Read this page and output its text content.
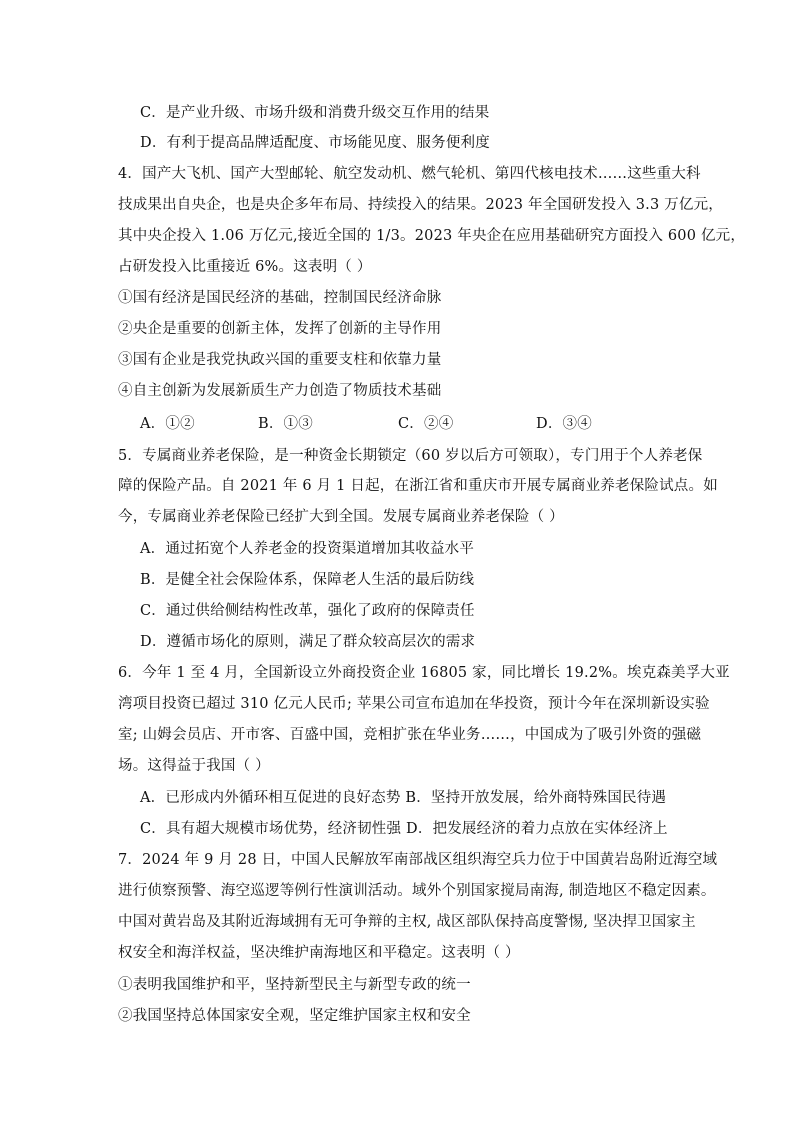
C．是产业升级、市场升级和消费升级交互作用的结果
D．有利于提高品牌适配度、市场能见度、服务便利度
4．国产大飞机、国产大型邮轮、航空发动机、燃气轮机、第四代核电技术……这些重大科
技成果出自央企，也是央企多年布局、持续投入的结果。2023 年全国研发投入 3.3 万亿元，
其中央企投入 1.06 万亿元,接近全国的 1/3。2023 年央企在应用基础研究方面投入 600 亿元，
占研发投入比重接近 6%。这表明（ ）
①国有经济是国民经济的基础，控制国民经济命脉
②央企是重要的创新主体，发挥了创新的主导作用
③国有企业是我党执政兴国的重要支柱和依靠力量
④自主创新为发展新质生产力创造了物质技术基础
A．①②	B．①③	C．②④	D．③④
5．专属商业养老保险，是一种资金长期锁定（60 岁以后方可领取），专门用于个人养老保
障的保险产品。自 2021 年 6 月 1 日起，在浙江省和重庆市开展专属商业养老保险试点。如
今，专属商业养老保险已经扩大到全国。发展专属商业养老保险（ ）
A．通过拓宽个人养老金的投资渠道增加其收益水平
B．是健全社会保险体系，保障老人生活的最后防线
C．通过供给侧结构性改革，强化了政府的保障责任
D．遵循市场化的原则，满足了群众较高层次的需求
6．今年 1 至 4 月，全国新设立外商投资企业 16805 家，同比增长 19.2%。埃克森美孚大亚
湾项目投资已超过 310 亿元人民币; 苹果公司宣布追加在华投资，预计今年在深圳新设实验
室; 山姆会员店、开市客、百盛中国，竞相扩张在华业务……，中国成为了吸引外资的强磁
场。这得益于我国（ ）
A．已形成内外循环相互促进的良好态势 B．坚持开放发展，给外商特殊国民待遇
C．具有超大规模市场优势，经济韧性强 D．把发展经济的着力点放在实体经济上
7．2024 年 9 月 28 日，中国人民解放军南部战区组织海空兵力位于中国黄岩岛附近海空域
进行侦察预警、海空巡逻等例行性演训活动。域外个别国家搅局南海, 制造地区不稳定因素。
中国对黄岩岛及其附近海域拥有无可争辩的主权, 战区部队保持高度警惕, 坚决捍卫国家主
权安全和海洋权益，坚决维护南海地区和平稳定。这表明（ ）
①表明我国维护和平，坚持新型民主与新型专政的统一
②我国坚持总体国家安全观，坚定维护国家主权和安全
